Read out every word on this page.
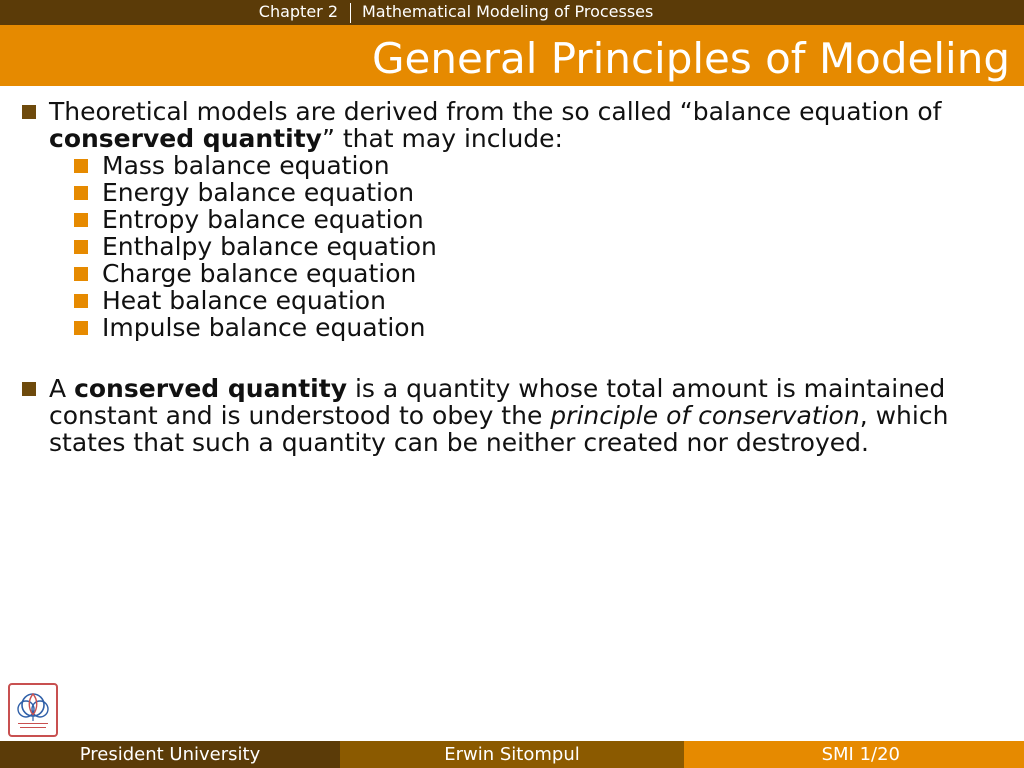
Chapter 2 Mathematical Modeling of Processes
General Principles of Modeling
Theoretical models are derived from the so called “balance equation of conserved quantity” that may include:
Mass balance equation
Energy balance equation
Entropy balance equation
Enthalpy balance equation
Charge balance equation
Heat balance equation
Impulse balance equation
A conserved quantity is a quantity whose total amount is maintained constant and is understood to obey the principle of conservation, which states that such a quantity can be neither created nor destroyed.
President University	Erwin Sitompul	SMI 1/20
